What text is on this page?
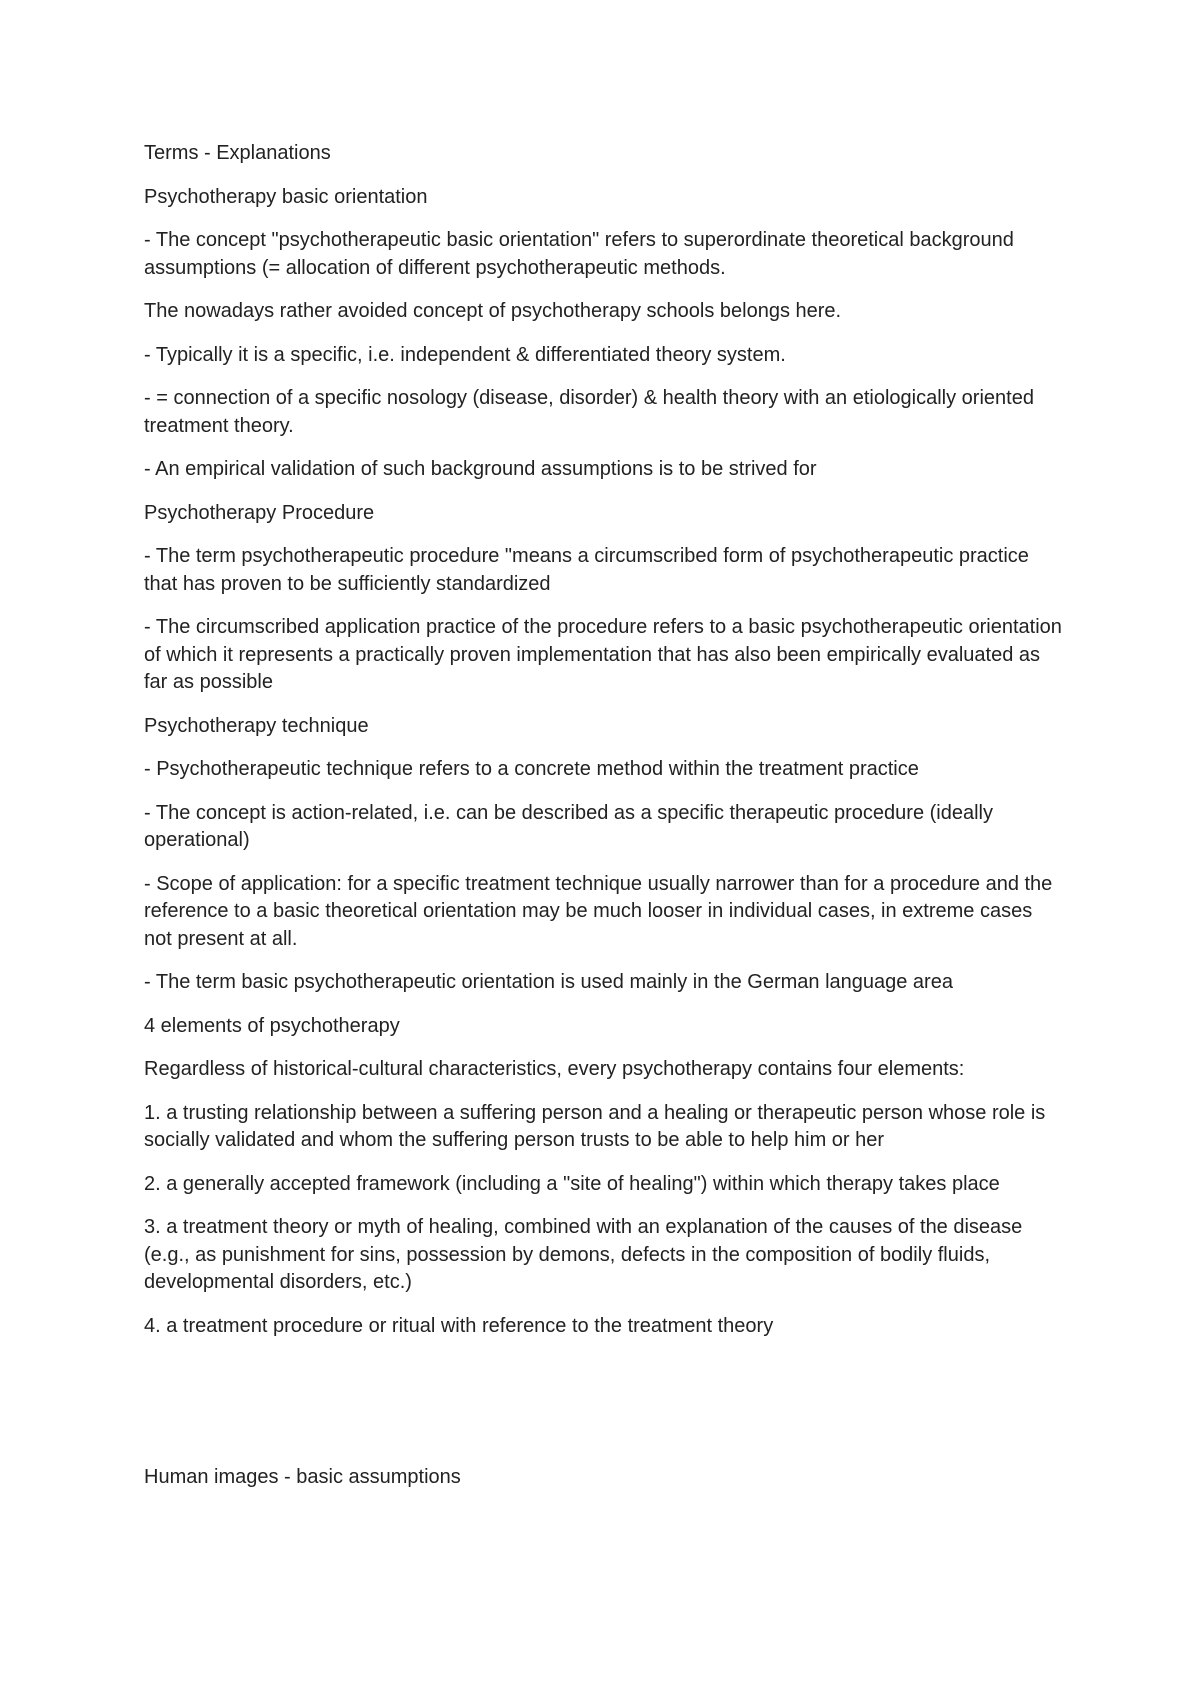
Terms - Explanations

Psychotherapy basic orientation

- The concept "psychotherapeutic basic orientation" refers to superordinate theoretical background assumptions (= allocation of different psychotherapeutic methods.

The nowadays rather avoided concept of psychotherapy schools belongs here.

- Typically it is a specific, i.e. independent & differentiated theory system.

- = connection of a specific nosology (disease, disorder) & health theory with an etiologically oriented treatment theory.

- An empirical validation of such background assumptions is to be strived for

Psychotherapy Procedure

- The term psychotherapeutic procedure "means a circumscribed form of psychotherapeutic practice that has proven to be sufficiently standardized

- The circumscribed application practice of the procedure refers to a basic psychotherapeutic orientation of which it represents a practically proven implementation that has also been empirically evaluated as far as possible

Psychotherapy technique

- Psychotherapeutic technique refers to a concrete method within the treatment practice

- The concept is action-related, i.e. can be described as a specific therapeutic procedure (ideally operational)

- Scope of application: for a specific treatment technique usually narrower than for a procedure and the reference to a basic theoretical orientation may be much looser in individual cases, in extreme cases not present at all.

- The term basic psychotherapeutic orientation is used mainly in the German language area

4 elements of psychotherapy

Regardless of historical-cultural characteristics, every psychotherapy contains four elements:

1. a trusting relationship between a suffering person and a healing or therapeutic person whose role is socially validated and whom the suffering person trusts to be able to help him or her

2. a generally accepted framework (including a "site of healing") within which therapy takes place

3. a treatment theory or myth of healing, combined with an explanation of the causes of the disease (e.g., as punishment for sins, possession by demons, defects in the composition of bodily fluids, developmental disorders, etc.)

4. a treatment procedure or ritual with reference to the treatment theory

Human images - basic assumptions
